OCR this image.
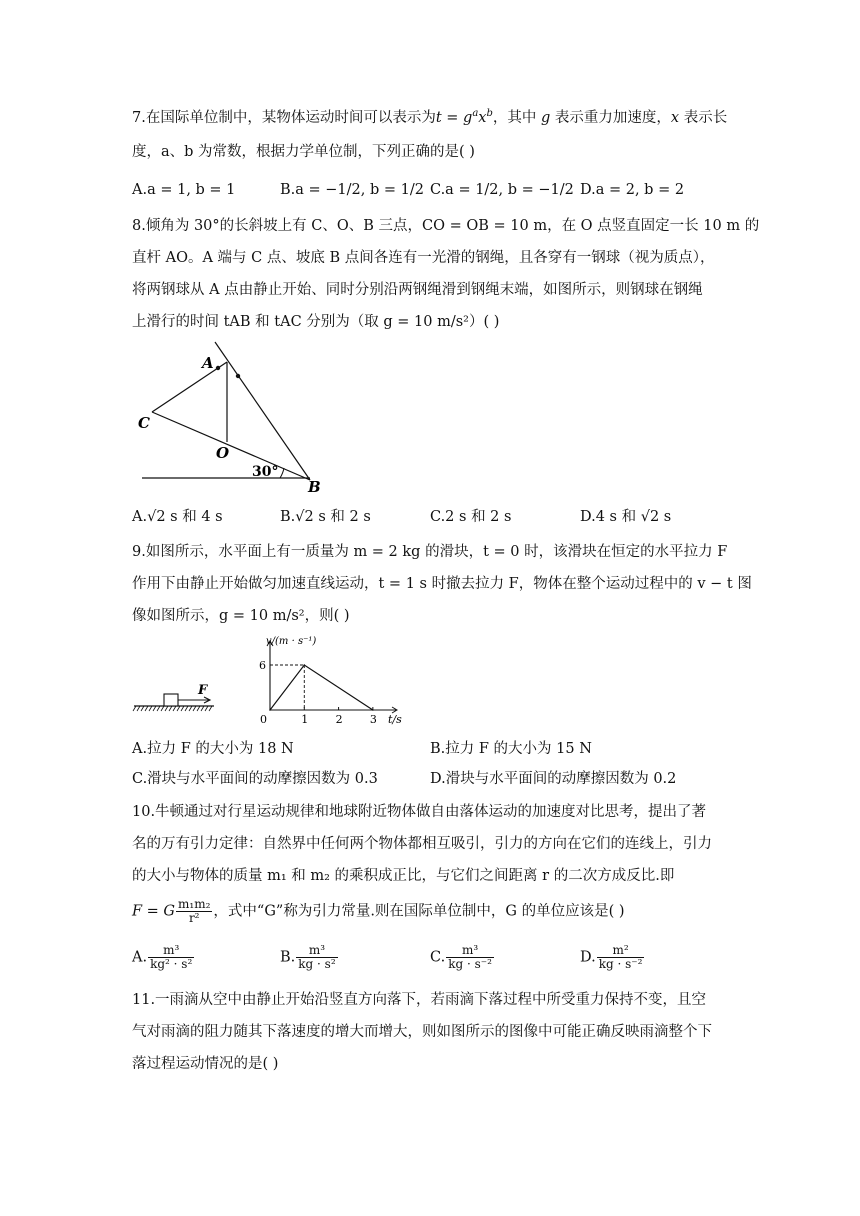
7.在国际单位制中，某物体运动时间可以表示为$t = g^ax^b$，其中 g 表示重力加速度，x 表示长
度，a、b 为常数，根据力学单位制，下列正确的是( )
A.a = 1, b = 1	B.a = −1/2, b = 1/2 C.a = 1/2, b = −1/2 D.a = 2, b = 2
8.倾角为 30°的长斜坡上有 C、O、B 三点，CO = OB = 10 m，在 O 点竖直固定一长 10 m 的
直杆 AO。A 端与 C 点、坡底 B 点间各连有一光滑的钢绳，且各穿有一钢球（视为质点），
将两钢球从 A 点由静止开始、同时分别沿两钢绳滑到钢绳末端，如图所示，则钢球在钢绳
上滑行的时间 tAB 和 tAC 分别为（取 g = 10 m/s²）( )
A
C
O
30°
B
A.√2 s 和 4 s	B.√2 s 和 2 s	C.2 s 和 2 s	D.4 s 和 √2 s
9.如图所示，水平面上有一质量为 m = 2 kg 的滑块，t = 0 时，该滑块在恒定的水平拉力 F
作用下由静止开始做匀加速直线运动，t = 1 s 时撤去拉力 F，物体在整个运动过程中的 v − t 图
像如图所示，g = 10 m/s²，则( )
F
v/(m · s⁻¹)
t/s
0	1 2 3
6
A.拉力 F 的大小为 18 N	B.拉力 F 的大小为 15 N
C.滑块与水平面间的动摩擦因数为 0.3	D.滑块与水平面间的动摩擦因数为 0.2
10.牛顿通过对行星运动规律和地球附近物体做自由落体运动的加速度对比思考，提出了著
名的万有引力定律：自然界中任何两个物体都相互吸引，引力的方向在它们的连线上，引力
的大小与物体的质量 m₁ 和 m₂ 的乘积成正比，与它们之间距离 r 的二次方成反比.即
F = G $\frac{\text{m₁m₂}}{\text{r²}}$ ，式中“G”称为引力常量.则在国际单位制中，G 的单位应该是( )
A. $\frac{\text{m³}}{\text{kg² · s²}}$	B. $\frac{\text{m³}}{\text{kg · s²}}$	C. $\frac{\text{m³}}{\text{kg · s⁻²}}$	D. $\frac{\text{m²}}{\text{kg · s⁻²}}$
11.一雨滴从空中由静止开始沿竖直方向落下，若雨滴下落过程中所受重力保持不变，且空
气对雨滴的阻力随其下落速度的增大而增大，则如图所示的图像中可能正确反映雨滴整个下
落过程运动情况的是( )
